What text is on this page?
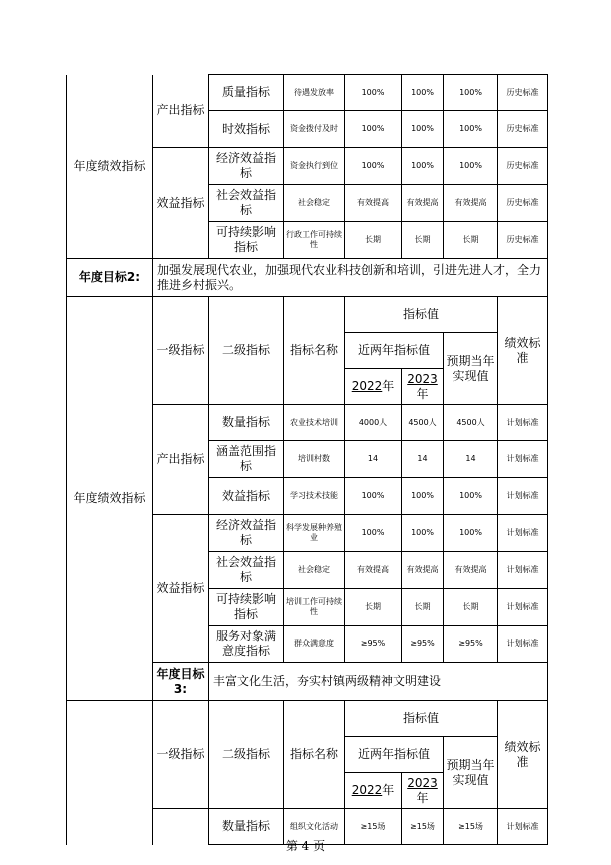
年度绩效指标	产出指标	质量指标	待遇发放率	100%	100%	100%	历史标准
		时效指标	资金拨付及时	100%	100%	100%	历史标准
	效益指标	经济效益指标	资金执行到位	100%	100%	100%	历史标准
		社会效益指标	社会稳定	有效提高	有效提高	有效提高	历史标准
		可持续影响指标	行政工作可持续性	长期	长期	长期	历史标准
年度目标2:	加强发展现代农业，加强现代农业科技创新和培训，引进先进人才，全力推进乡村振兴。						
年度绩效指标	一级指标	二级指标	指标名称	指标值			绩效标准
				近两年指标值		预期当年实现值	
				2022年	2023
年		
	产出指标	数量指标	农业技术培训	4000人	4500人	4500人	计划标准
		涵盖范围指标	培训村数	14	14	14	计划标准
		效益指标	学习技术技能	100%	100%	100%	计划标准
	效益指标	经济效益指标	科学发展种养殖业	100%	100%	100%	计划标准
		社会效益指标	社会稳定	有效提高	有效提高	有效提高	计划标准
		可持续影响指标	培训工作可持续性	长期	长期	长期	计划标准
		服务对象满意度指标	群众满意度	≥95%	≥95%	≥95%	计划标准
	年度目标3:	丰富文化生活，夯实村镇两级精神文明建设					
	一级指标	二级指标	指标名称	指标值			绩效标准
				近两年指标值		预期当年实现值	
				2022年	2023
年		
		数量指标	组织文化活动	≥15场	≥15场	≥15场	计划标准
第 4 页
